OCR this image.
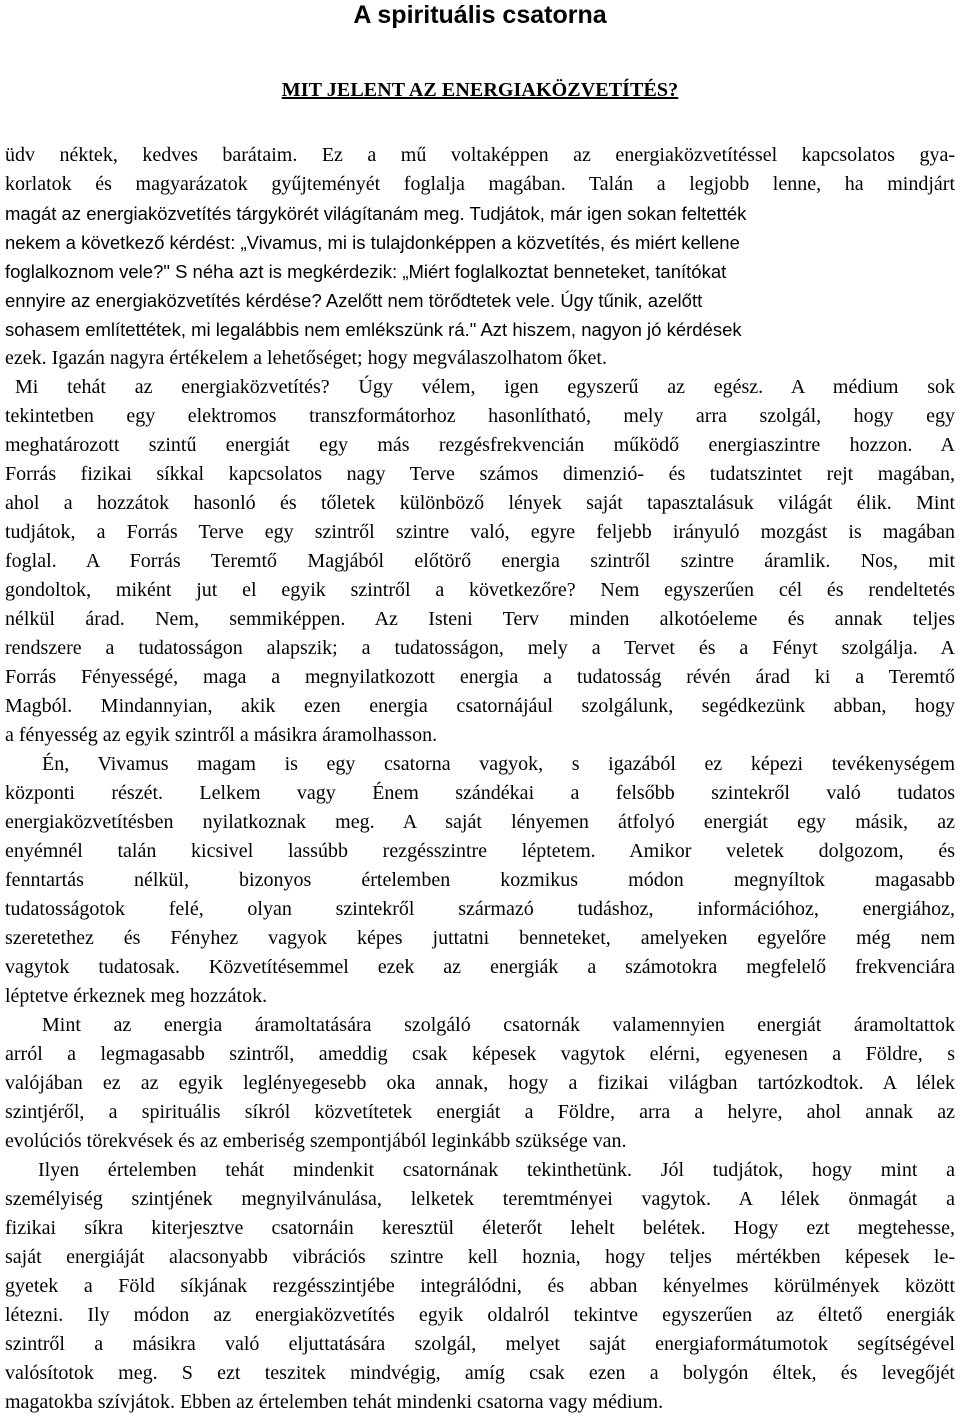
A spirituális csatorna
MIT JELENT AZ ENERGIAKÖZVETÍTÉS?
üdv néktek, kedves barátaim. Ez a mű voltaképpen az energiaközvetítéssel kapcsolatos gya-
korlatok és magyarázatok gyűjteményét foglalja magában. Talán a legjobb lenne, ha mindjárt
magát az energiaközvetítés tárgykörét világítanám meg. Tudjátok, már igen sokan feltették
nekem a következő kérdést: „Vivamus, mi is tulajdonképpen a közvetítés, és miért kellene
foglalkoznom vele?" S néha azt is megkérdezik: „Miért foglalkoztat benneteket, tanítókat
ennyire az energiaközvetítés kérdése? Azelőtt nem törődtetek vele. Úgy tűnik, azelőtt
sohasem említettétek, mi legalábbis nem emlékszünk rá." Azt hiszem, nagyon jó kérdések
ezek. Igazán nagyra értékelem a lehetőséget; hogy megválaszolhatom őket.
Mi tehát az energiaközvetítés? Úgy vélem, igen egyszerű az egész. A médium sok
tekintetben egy elektromos transzformátorhoz hasonlítható, mely arra szolgál, hogy egy
meghatározott szintű energiát egy más rezgésfrekvencián működő energiaszintre hozzon. A
Forrás fizikai síkkal kapcsolatos nagy Terve számos dimenzió- és tudatszintet rejt magában,
ahol a hozzátok hasonló és tőletek különböző lények saját tapasztalásuk világát élik. Mint
tudjátok, a Forrás Terve egy szintről szintre való, egyre feljebb irányuló mozgást is magában
foglal. A Forrás Teremtő Magjából előtörő energia szintről szintre áramlik. Nos, mit
gondoltok, miként jut el egyik szintről a következőre? Nem egyszerűen cél és rendeltetés
nélkül árad. Nem, semmiképpen. Az Isteni Terv minden alkotóeleme és annak teljes
rendszere a tudatosságon alapszik; a tudatosságon, mely a Tervet és a Fényt szolgálja. A
Forrás Fényességé, maga a megnyilatkozott energia a tudatosság révén árad ki a Teremtő
Magból. Mindannyian, akik ezen energia csatornájául szolgálunk, segédkezünk abban, hogy
a fényesség az egyik szintről a másikra áramolhasson.
Én, Vivamus magam is egy csatorna vagyok, s igazából ez képezi tevékenységem
központi részét. Lelkem vagy Énem szándékai a felsőbb szintekről való tudatos
energiaközvetítésben nyilatkoznak meg. A saját lényemen átfolyó energiát egy másik, az
enyémnél talán kicsivel lassúbb rezgésszintre léptetem. Amikor veletek dolgozom, és
fenntartás nélkül, bizonyos értelemben kozmikus módon megnyíltok magasabb
tudatosságotok felé, olyan szintekről származó tudáshoz, információhoz, energiához,
szeretethez és Fényhez vagyok képes juttatni benneteket, amelyeken egyelőre még nem
vagytok tudatosak. Közvetítésemmel ezek az energiák a számotokra megfelelő frekvenciára
léptetve érkeznek meg hozzátok.
Mint az energia áramoltatására szolgáló csatornák valamennyien energiát áramoltattok
arról a legmagasabb szintről, ameddig csak képesek vagytok elérni, egyenesen a Földre, s
valójában ez az egyik leglényegesebb oka annak, hogy a fizikai világban tartózkodtok. A lélek
szintjéről, a spirituális síkról közvetítetek energiát a Földre, arra a helyre, ahol annak az
evolúciós törekvések és az emberiség szempontjából leginkább szüksége van.
Ilyen értelemben tehát mindenkit csatornának tekinthetünk. Jól tudjátok, hogy mint a
személyiség szintjének megnyilvánulása, lelketek teremtményei vagytok. A lélek önmagát a
fizikai síkra kiterjesztve csatornáin keresztül életerőt lehelt belétek. Hogy ezt megtehesse,
saját energiáját alacsonyabb vibrációs szintre kell hoznia, hogy teljes mértékben képesek le-
gyetek a Föld síkjának rezgésszintjébe integrálódni, és abban kényelmes körülmények között
létezni. Ily módon az energiaközvetítés egyik oldalról tekintve egyszerűen az éltető energiák
szintről a másikra való eljuttatására szolgál, melyet saját energiaformátumotok segítségével
valósítotok meg. S ezt teszitek mindvégig, amíg csak ezen a bolygón éltek, és levegőjét
magatokba szívjátok. Ebben az értelemben tehát mindenki csatorna vagy médium.
